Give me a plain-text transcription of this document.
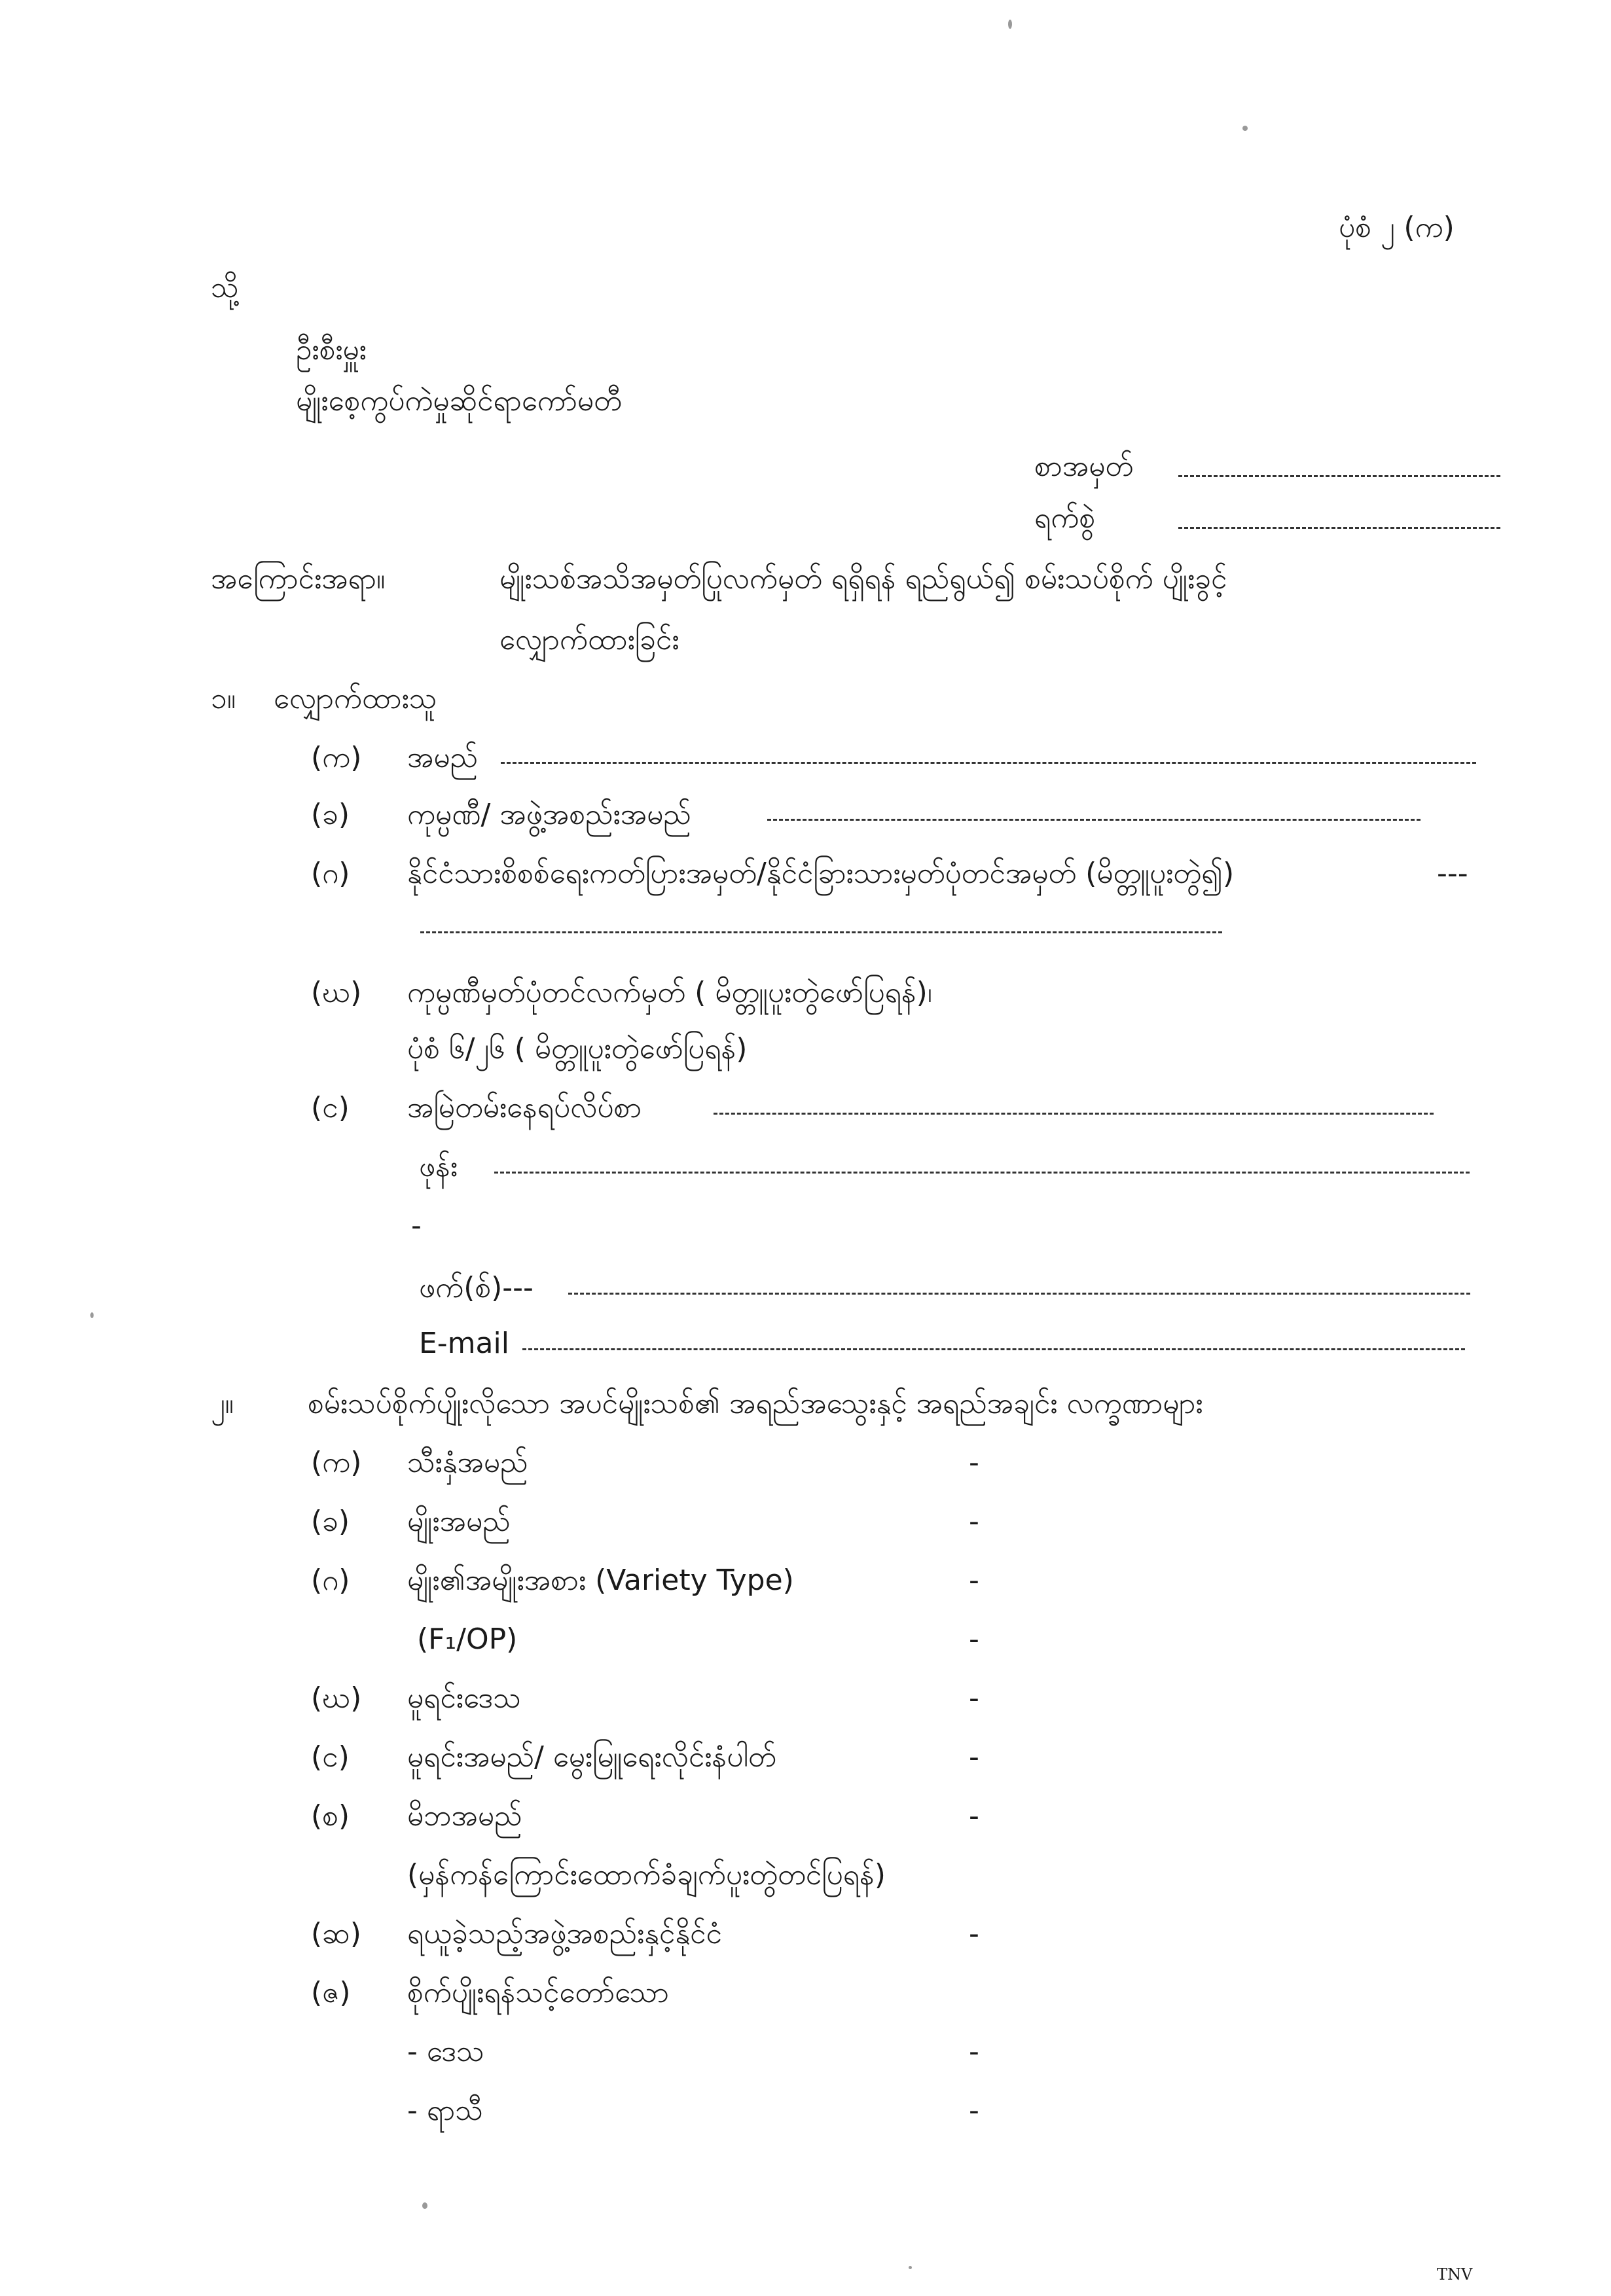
ပုံစံ ၂ (က)
သို့
ဦးစီးမှူး
မျိုးစေ့ကွပ်ကဲမှုဆိုင်ရာကော်မတီ
စာအမှတ်
ရက်စွဲ
အကြောင်းအရာ။	မျိုးသစ်အသိအမှတ်ပြုလက်မှတ် ရရှိရန် ရည်ရွယ်၍ စမ်းသပ်စိုက် ပျိုးခွင့်
လျှောက်ထားခြင်း
၁။ လျှောက်ထားသူ
(က) အမည်
(ခ) ကုမ္ပဏီ/ အဖွဲ့အစည်းအမည်
(ဂ) နိုင်ငံသားစိစစ်ရေးကတ်ပြားအမှတ်/နိုင်ငံခြားသားမှတ်ပုံတင်အမှတ် (မိတ္တူပူးတွဲ၍)	---
(ဃ) ကုမ္ပဏီမှတ်ပုံတင်လက်မှတ် ( မိတ္တူပူးတွဲဖော်ပြရန်)၊
ပုံစံ ၆/၂၆ ( မိတ္တူပူးတွဲဖော်ပြရန်)
(င) အမြဲတမ်းနေရပ်လိပ်စာ
ဖုန်း
-
ဖက်(စ်)---
E-mail
၂။	စမ်းသပ်စိုက်ပျိုးလိုသော အပင်မျိုးသစ်၏ အရည်အသွေးနှင့် အရည်အချင်း လက္ခဏာများ
(က) သီးနှံအမည်	-
(ခ) မျိုးအမည်	-
(ဂ) မျိုး၏အမျိုးအစား (Variety Type)	-
(F₁/OP)	-
(ဃ) မူရင်းဒေသ	-
(င) မူရင်းအမည်/ မွေးမြူရေးလိုင်းနံပါတ်	-
(စ) မိဘအမည်	-
(မှန်ကန်ကြောင်းထောက်ခံချက်ပူးတွဲတင်ပြရန်)
(ဆ) ရယူခဲ့သည့်အဖွဲ့အစည်းနှင့်နိုင်ငံ	-
(ဇ) စိုက်ပျိုးရန်သင့်တော်သော
- ဒေသ	-
- ရာသီ	-
TNV
